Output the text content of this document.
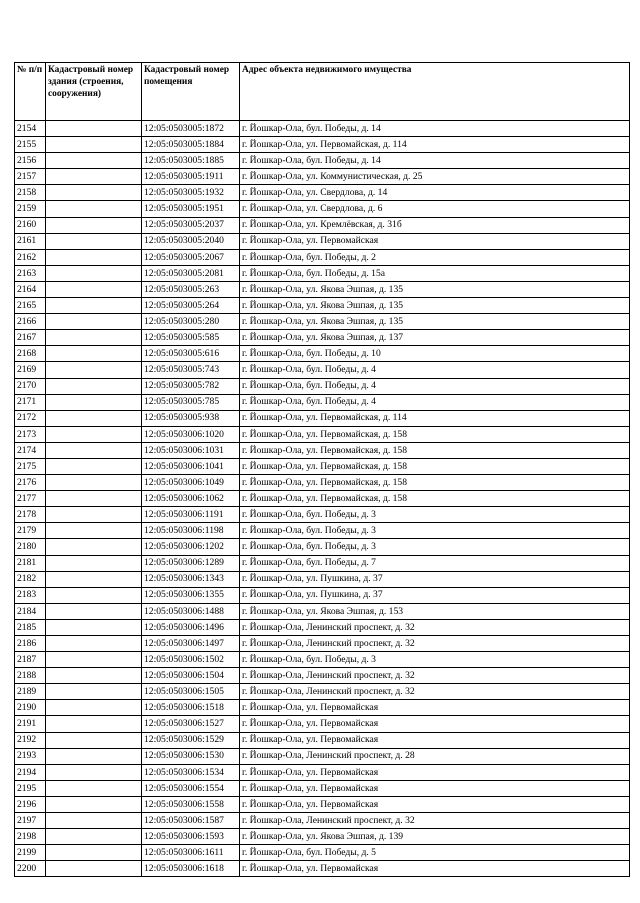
№ п/п	Кадастровый номер здания (строения, сооружения)	Кадастровый номер помещения	Адрес объекта недвижимого имущества
2154		12:05:0503005:1872	г. Йошкар-Ола, бул. Победы, д. 14
2155		12:05:0503005:1884	г. Йошкар-Ола, ул. Первомайская, д. 114
2156		12:05:0503005:1885	г. Йошкар-Ола, бул. Победы, д. 14
2157		12:05:0503005:1911	г. Йошкар-Ола, ул. Коммунистическая, д. 25
2158		12:05:0503005:1932	г. Йошкар-Ола, ул. Свердлова, д. 14
2159		12:05:0503005:1951	г. Йошкар-Ола, ул. Свердлова, д. 6
2160		12:05:0503005:2037	г. Йошкар-Ола, ул. Кремлёвская, д. 31б
2161		12:05:0503005:2040	г. Йошкар-Ола, ул. Первомайская
2162		12:05:0503005:2067	г. Йошкар-Ола, бул. Победы, д. 2
2163		12:05:0503005:2081	г. Йошкар-Ола, бул. Победы, д. 15а
2164		12:05:0503005:263	г. Йошкар-Ола, ул. Якова Эшпая, д. 135
2165		12:05:0503005:264	г. Йошкар-Ола, ул. Якова Эшпая, д. 135
2166		12:05:0503005:280	г. Йошкар-Ола, ул. Якова Эшпая, д. 135
2167		12:05:0503005:585	г. Йошкар-Ола, ул. Якова Эшпая, д. 137
2168		12:05:0503005:616	г. Йошкар-Ола, бул. Победы, д. 10
2169		12:05:0503005:743	г. Йошкар-Ола, бул. Победы, д. 4
2170		12:05:0503005:782	г. Йошкар-Ола, бул. Победы, д. 4
2171		12:05:0503005:785	г. Йошкар-Ола, бул. Победы, д. 4
2172		12:05:0503005:938	г. Йошкар-Ола, ул. Первомайская, д. 114
2173		12:05:0503006:1020	г. Йошкар-Ола, ул. Первомайская, д. 158
2174		12:05:0503006:1031	г. Йошкар-Ола, ул. Первомайская, д. 158
2175		12:05:0503006:1041	г. Йошкар-Ола, ул. Первомайская, д. 158
2176		12:05:0503006:1049	г. Йошкар-Ола, ул. Первомайская, д. 158
2177		12:05:0503006:1062	г. Йошкар-Ола, ул. Первомайская, д. 158
2178		12:05:0503006:1191	г. Йошкар-Ола, бул. Победы, д. 3
2179		12:05:0503006:1198	г. Йошкар-Ола, бул. Победы, д. 3
2180		12:05:0503006:1202	г. Йошкар-Ола, бул. Победы, д. 3
2181		12:05:0503006:1289	г. Йошкар-Ола, бул. Победы, д. 7
2182		12:05:0503006:1343	г. Йошкар-Ола, ул. Пушкина, д. 37
2183		12:05:0503006:1355	г. Йошкар-Ола, ул. Пушкина, д. 37
2184		12:05:0503006:1488	г. Йошкар-Ола, ул. Якова Эшпая, д. 153
2185		12:05:0503006:1496	г. Йошкар-Ола, Ленинский проспект, д. 32
2186		12:05:0503006:1497	г. Йошкар-Ола, Ленинский проспект, д. 32
2187		12:05:0503006:1502	г. Йошкар-Ола, бул. Победы, д. 3
2188		12:05:0503006:1504	г. Йошкар-Ола, Ленинский проспект, д. 32
2189		12:05:0503006:1505	г. Йошкар-Ола, Ленинский проспект, д. 32
2190		12:05:0503006:1518	г. Йошкар-Ола, ул. Первомайская
2191		12:05:0503006:1527	г. Йошкар-Ола, ул. Первомайская
2192		12:05:0503006:1529	г. Йошкар-Ола, ул. Первомайская
2193		12:05:0503006:1530	г. Йошкар-Ола, Ленинский проспект, д. 28
2194		12:05:0503006:1534	г. Йошкар-Ола, ул. Первомайская
2195		12:05:0503006:1554	г. Йошкар-Ола, ул. Первомайская
2196		12:05:0503006:1558	г. Йошкар-Ола, ул. Первомайская
2197		12:05:0503006:1587	г. Йошкар-Ола, Ленинский проспект, д. 32
2198		12:05:0503006:1593	г. Йошкар-Ола, ул. Якова Эшпая, д. 139
2199		12:05:0503006:1611	г. Йошкар-Ола, бул. Победы, д. 5
2200		12:05:0503006:1618	г. Йошкар-Ола, ул. Первомайская
